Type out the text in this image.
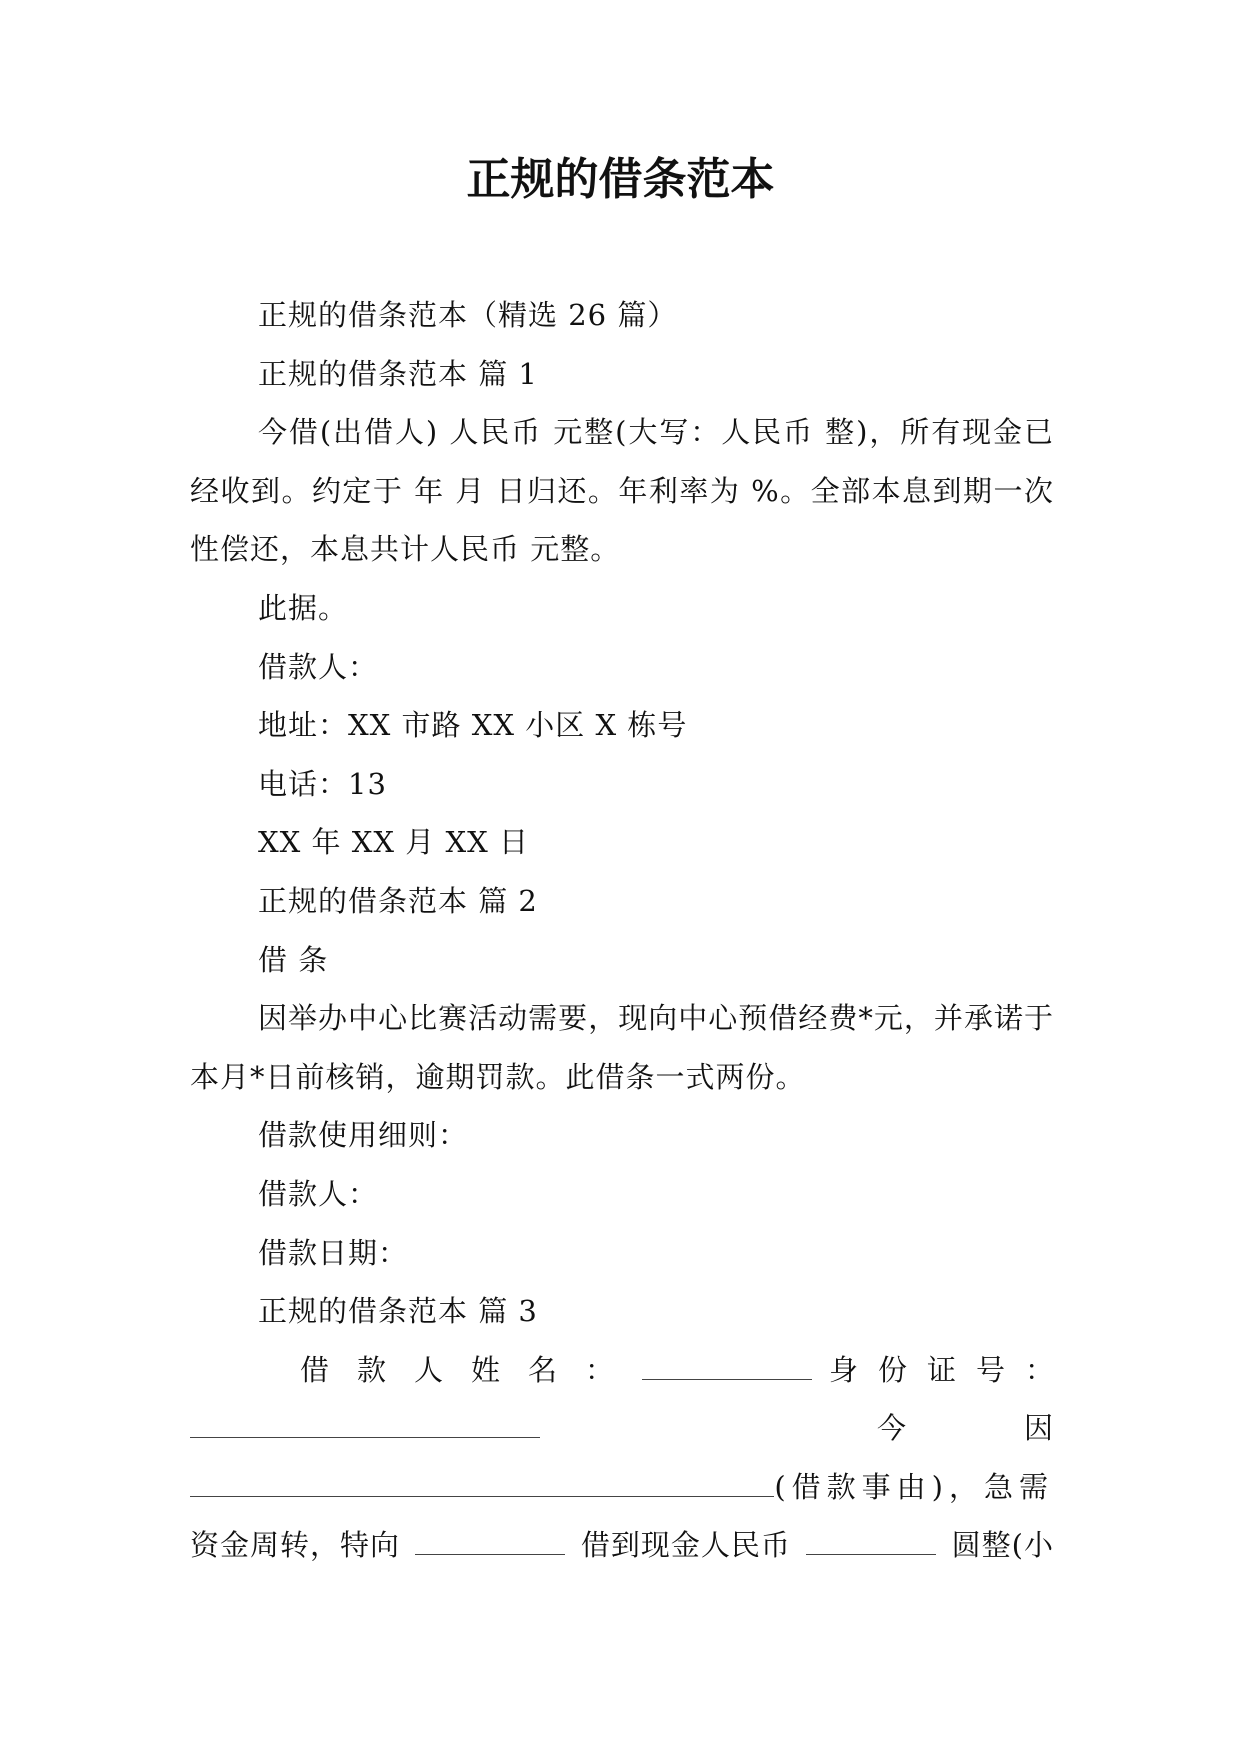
正规的借条范本

正规的借条范本（精选 26 篇）

正规的借条范本 篇 1

今借(出借人) 人民币 元整(大写：人民币 整)，所有现金已经收到。约定于 年 月 日归还。年利率为 %。全部本息到期一次性偿还，本息共计人民币 元整。

此据。

借款人：

地址：XX 市路 XX 小区 X 栋号

电话：13

XX 年 XX 月 XX 日

正规的借条范本 篇 2

借 条

因举办中心比赛活动需要，现向中心预借经费*元，并承诺于本月*日前核销，逾期罚款。此借条一式两份。

借款使用细则：

借款人：

借款日期：

正规的借条范本 篇 3

借款人姓名：	身份证号：
今	因
(借款事由)，急需
资金周转，特向	借到现金人民币	圆整(小
